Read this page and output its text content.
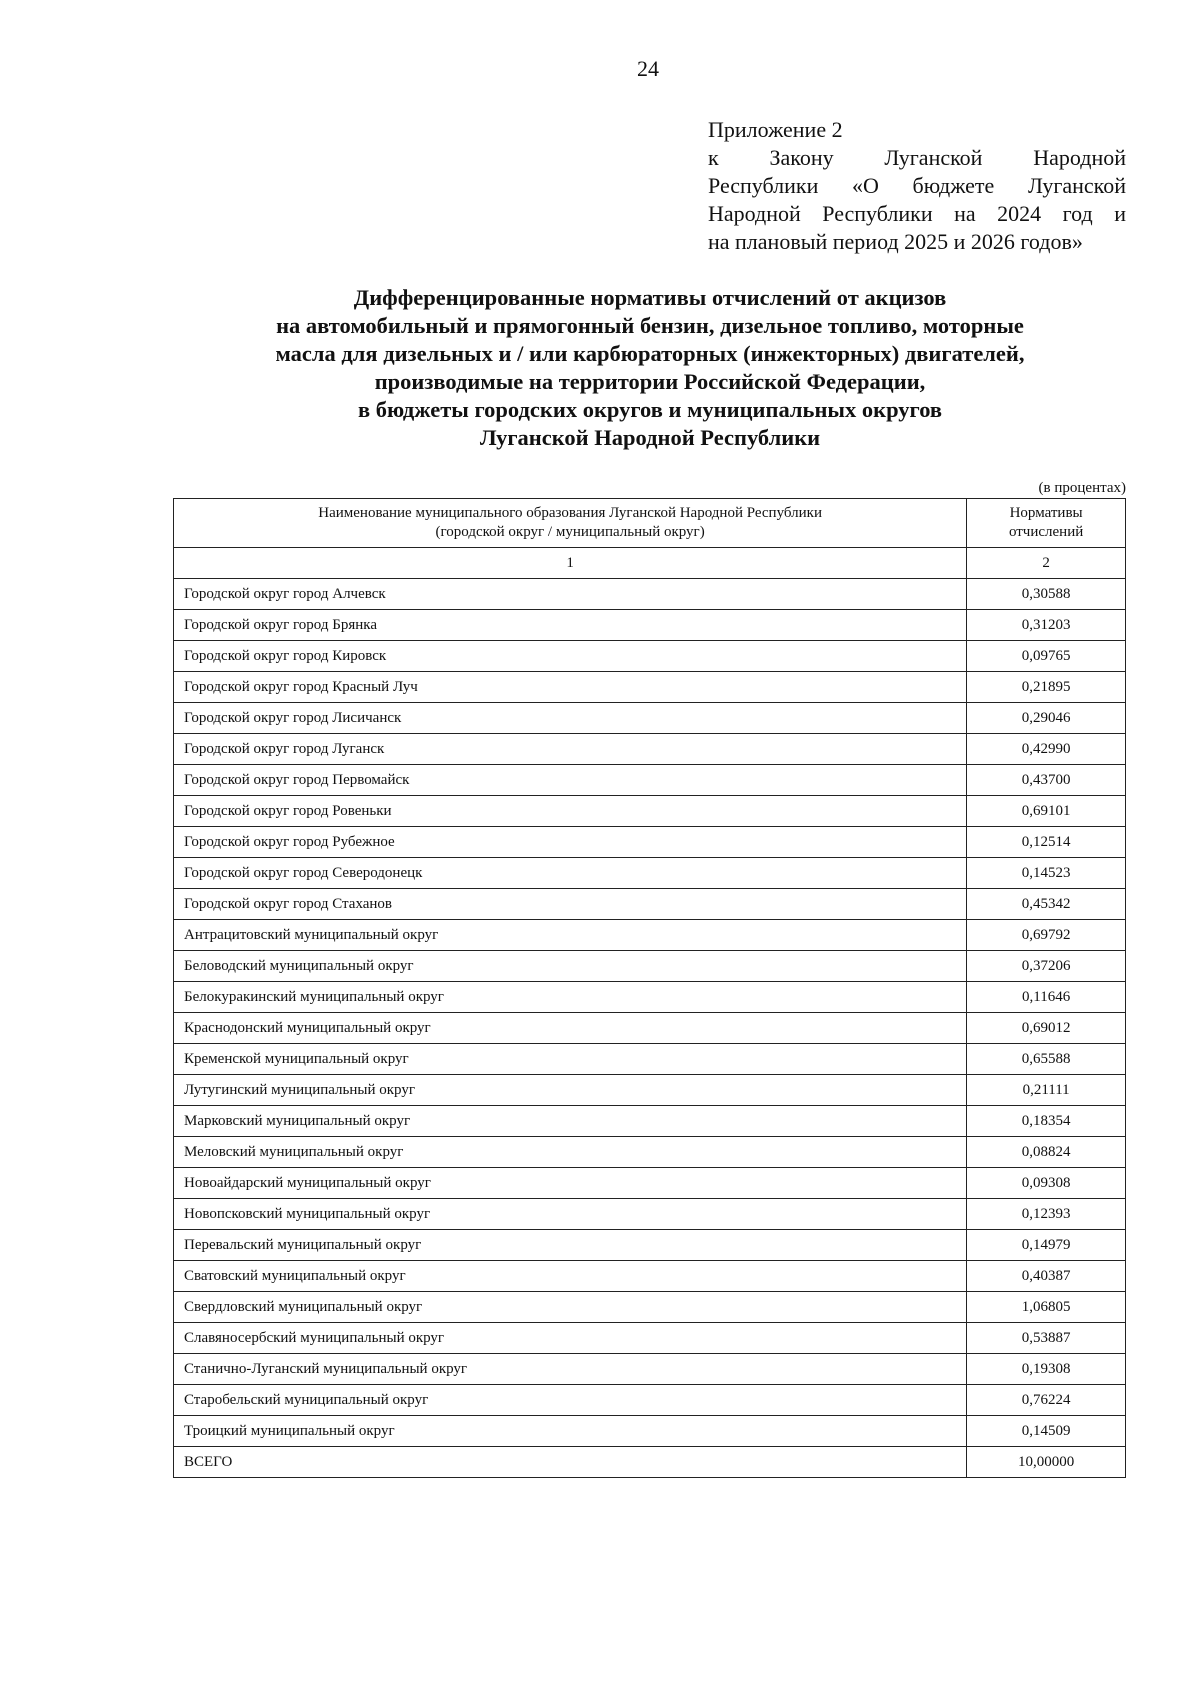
24
Приложение 2
к Закону Луганской Народной
Республики «О бюджете Луганской
Народной Республики на 2024 год и
на плановый период 2025 и 2026 годов»
Дифференцированные нормативы отчислений от акцизов
на автомобильный и прямогонный бензин, дизельное топливо, моторные
масла для дизельных и / или карбюраторных (инжекторных) двигателей,
производимые на территории Российской Федерации,
в бюджеты городских округов и муниципальных округов
Луганской Народной Республики
(в процентах)
Наименование муниципального образования Луганской Народной Республики
(городской округ / муниципальный округ)	Нормативы
отчислений
1	2
Городской округ город Алчевск	0,30588
Городской округ город Брянка	0,31203
Городской округ город Кировск	0,09765
Городской округ город Красный Луч	0,21895
Городской округ город Лисичанск	0,29046
Городской округ город Луганск	0,42990
Городской округ город Первомайск	0,43700
Городской округ город Ровеньки	0,69101
Городской округ город Рубежное	0,12514
Городской округ город Северодонецк	0,14523
Городской округ город Стаханов	0,45342
Антрацитовский муниципальный округ	0,69792
Беловодский муниципальный округ	0,37206
Белокуракинский муниципальный округ	0,11646
Краснодонский муниципальный округ	0,69012
Кременской муниципальный округ	0,65588
Лутугинский муниципальный округ	0,21111
Марковский муниципальный округ	0,18354
Меловский муниципальный округ	0,08824
Новоайдарский муниципальный округ	0,09308
Новопсковский муниципальный округ	0,12393
Перевальский муниципальный округ	0,14979
Сватовский муниципальный округ	0,40387
Свердловский муниципальный округ	1,06805
Славяносербский муниципальный округ	0,53887
Станично-Луганский муниципальный округ	0,19308
Старобельский муниципальный округ	0,76224
Троицкий муниципальный округ	0,14509
ВСЕГО	10,00000
